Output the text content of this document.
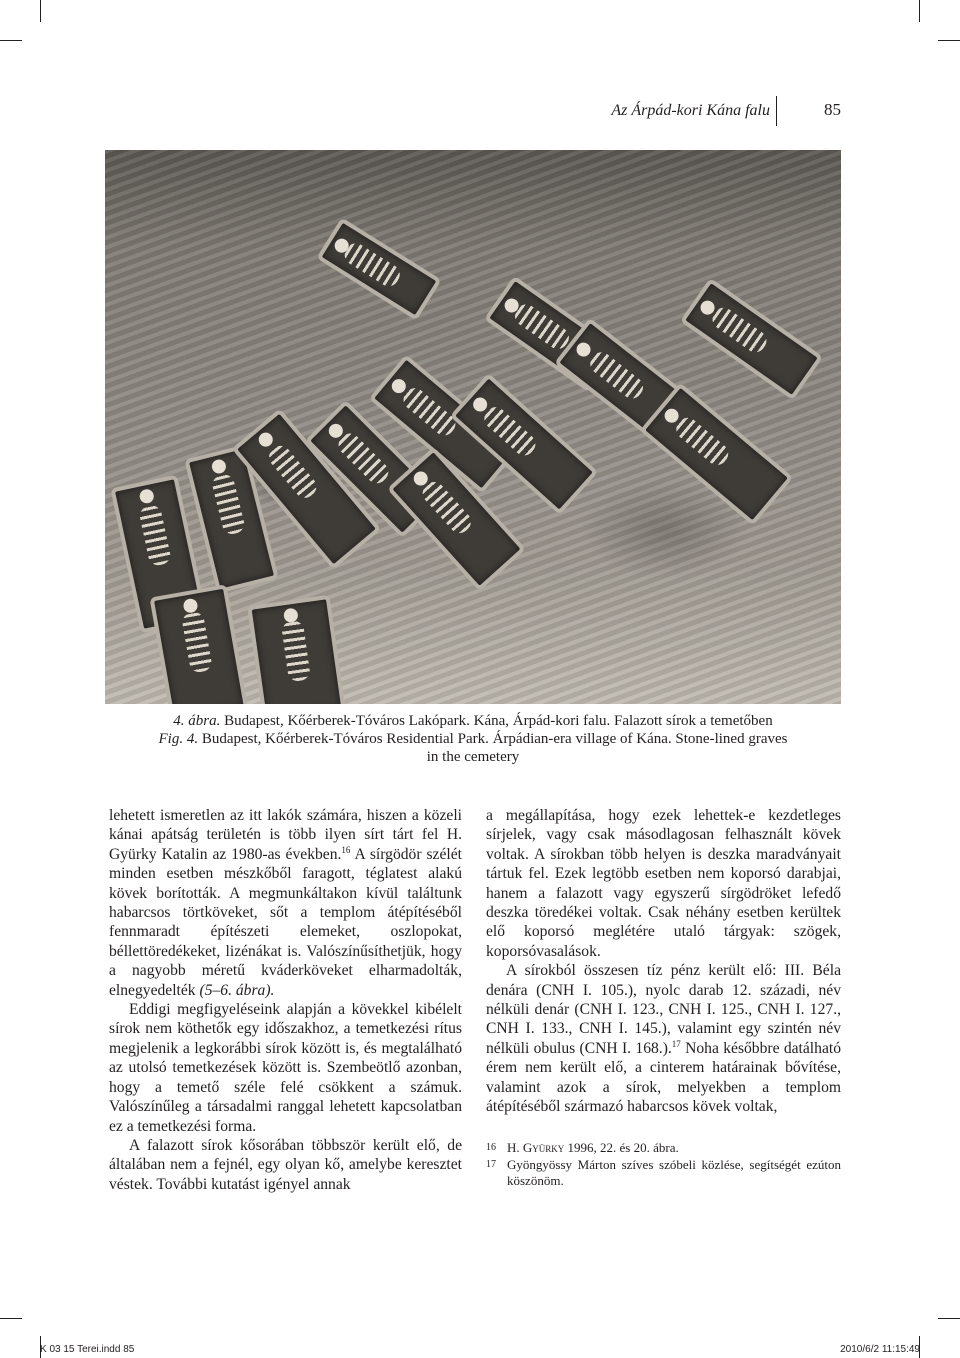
Az Árpád-kori Kána falu	85
4. ábra. Budapest, Kőérberek-Tóváros Lakópark. Kána, Árpád-kori falu. Falazott sírok a temetőben
Fig. 4. Budapest, Kőérberek-Tóváros Residential Park. Árpádian-era village of Kána. Stone-lined graves
in the cemetery

lehetett ismeretlen az itt lakók számára, hiszen a közeli kánai apátság területén is több ilyen sírt tárt fel H. Gyürky Katalin az 1980-as években.$^{16}$ A sírgödör szélét minden esetben mészkőből faragott, téglatest alakú kövek borították. A megmunkáltakon kívül találtunk habarcsos törtköveket, sőt a templom átépítéséből fennmaradt építészeti elemeket, oszlopokat, béllettöredékeket, lizénákat is. Valószínűsíthetjük, hogy a nagyobb méretű kváderköveket elharmadolták, elnegyedelték (5–6. ábra).

Eddigi megfigyeléseink alapján a kövekkel kibélelt sírok nem köthetők egy időszakhoz, a temetkezési rítus megjelenik a legkorábbi sírok között is, és megtalálható az utolsó temetkezések között is. Szembeötlő azonban, hogy a temető széle felé csökkent a számuk. Valószínűleg a társadalmi ranggal lehetett kapcsolatban ez a temetkezési forma.

A falazott sírok kősorában többször került elő, de általában nem a fejnél, egy olyan kő, amelybe keresztet véstek. További kutatást igényel annak

a megállapítása, hogy ezek lehettek-e kezdetleges sírjelek, vagy csak másodlagosan felhasznált kövek voltak. A sírokban több helyen is deszka maradványait tártuk fel. Ezek legtöbb esetben nem koporsó darabjai, hanem a falazott vagy egyszerű sírgödröket lefedő deszka töredékei voltak. Csak néhány esetben kerültek elő koporsó meglétére utaló tárgyak: szögek, koporsóvasalások.

A sírokból összesen tíz pénz került elő: III. Béla denára (CNH I. 105.), nyolc darab 12. századi, név nélküli denár (CNH I. 123., CNH I. 125., CNH I. 127., CNH I. 133., CNH I. 145.), valamint egy szintén név nélküli obulus (CNH I. 168.).$^{17}$ Noha későbbre datálható érem nem került elő, a cinterem határainak bővítése, valamint azok a sírok, melyekben a templom átépítéséből származó habarcsos kövek voltak,

16 H. Gyürky 1996, 22. és 20. ábra.

17 Gyöngyössy Márton szíves szóbeli közlése, segítségét ezúton köszönöm.

K 03 15 Terei.indd 85	2010/6/2 11:15:49
